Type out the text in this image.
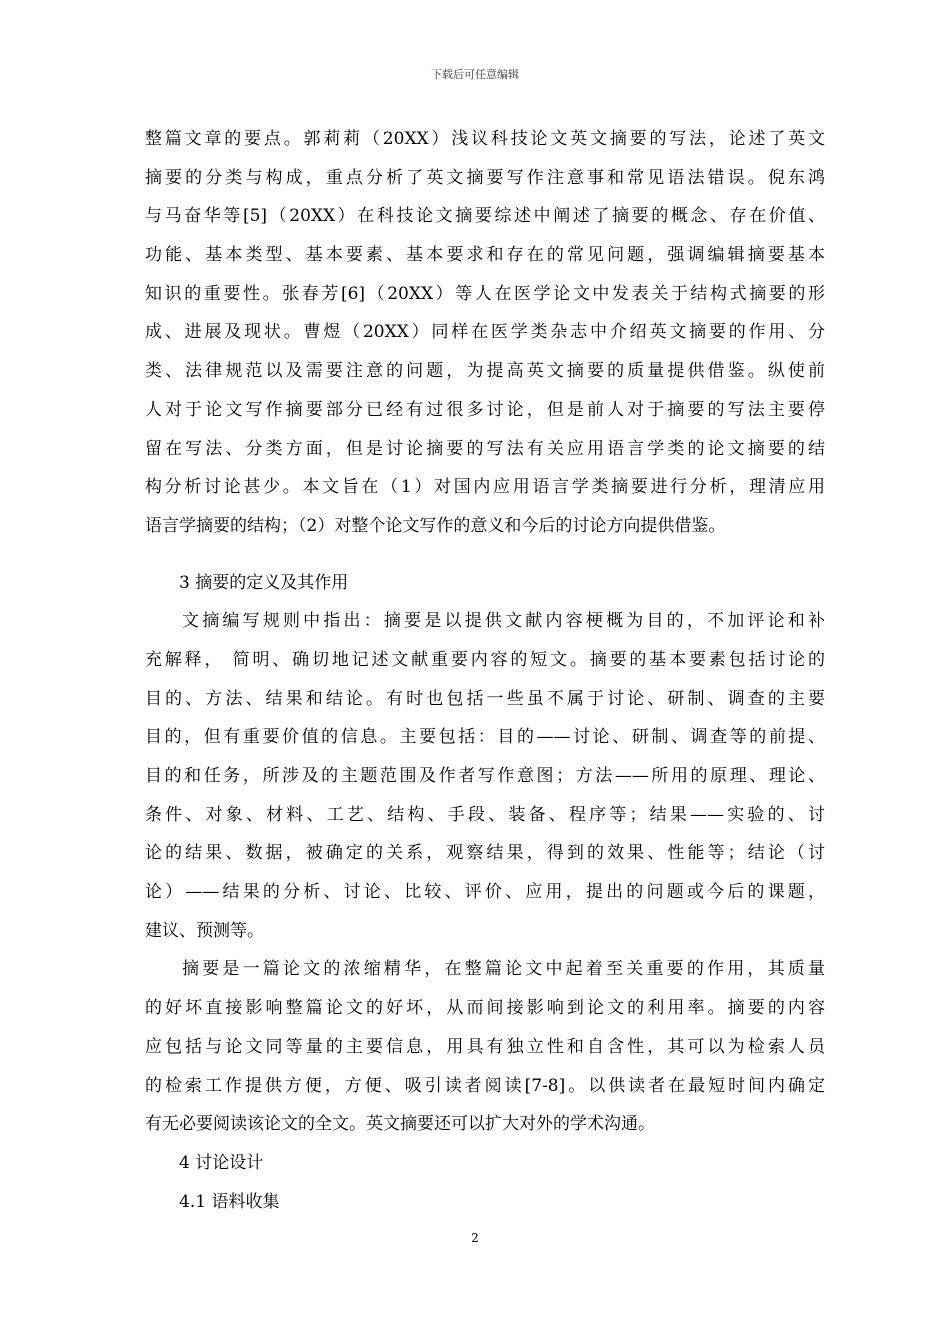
下载后可任意编辑
整篇文章的要点。郭莉莉（20XX）浅议科技论文英文摘要的写法，论述了英文
摘要的分类与构成，重点分析了英文摘要写作注意事和常见语法错误。倪东鸿
与马奋华等[5]（20XX）在科技论文摘要综述中阐述了摘要的概念、存在价值、
功能、基本类型、基本要素、基本要求和存在的常见问题，强调编辑摘要基本
知识的重要性。张春芳[6]（20XX）等人在医学论文中发表关于结构式摘要的形
成、进展及现状。曹煜（20XX）同样在医学类杂志中介绍英文摘要的作用、分
类、法律规范以及需要注意的问题，为提高英文摘要的质量提供借鉴。纵使前
人对于论文写作摘要部分已经有过很多讨论，但是前人对于摘要的写法主要停
留在写法、分类方面，但是讨论摘要的写法有关应用语言学类的论文摘要的结
构分析讨论甚少。本文旨在（1）对国内应用语言学类摘要进行分析，理清应用
语言学摘要的结构；（2）对整个论文写作的意义和今后的讨论方向提供借鉴。
3 摘要的定义及其作用
文摘编写规则中指出：摘要是以提供文献内容梗概为目的，不加评论和补
充解释， 简明、确切地记述文献重要内容的短文。摘要的基本要素包括讨论的
目的、方法、结果和结论。有时也包括一些虽不属于讨论、研制、调查的主要
目的，但有重要价值的信息。主要包括：目的——讨论、研制、调查等的前提、
目的和任务，所涉及的主题范围及作者写作意图；方法——所用的原理、理论、
条件、对象、材料、工艺、结构、手段、装备、程序等；结果——实验的、讨
论的结果、数据，被确定的关系，观察结果，得到的效果、性能等；结论（讨
论）——结果的分析、讨论、比较、评价、应用，提出的问题或今后的课题，
建议、预测等。
摘要是一篇论文的浓缩精华，在整篇论文中起着至关重要的作用，其质量
的好坏直接影响整篇论文的好坏，从而间接影响到论文的利用率。摘要的内容
应包括与论文同等量的主要信息，用具有独立性和自含性，其可以为检索人员
的检索工作提供方便，方便、吸引读者阅读[7-8]。以供读者在最短时间内确定
有无必要阅读该论文的全文。英文摘要还可以扩大对外的学术沟通。
4 讨论设计
4.1 语料收集
2
